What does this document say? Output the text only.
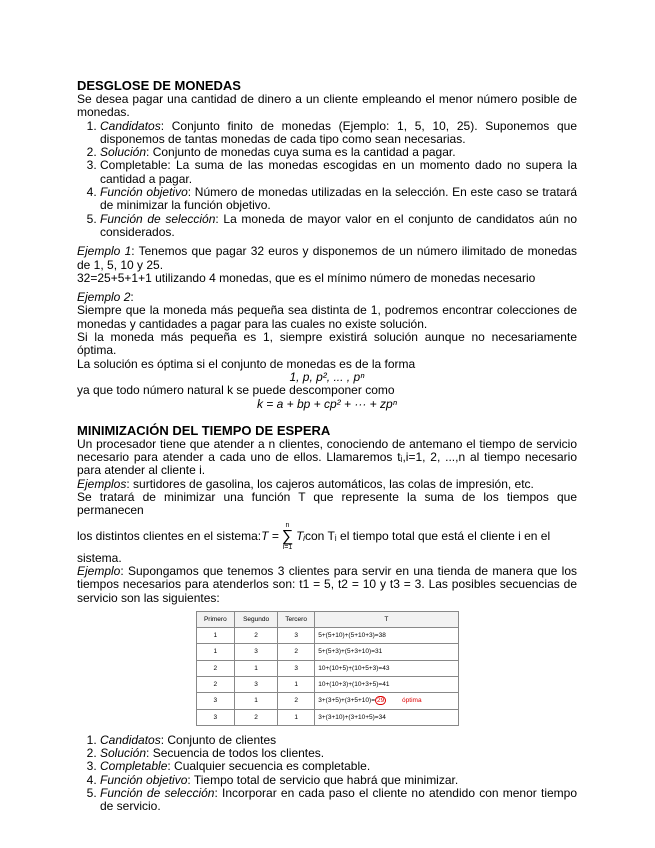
DESGLOSE DE MONEDAS

Se desea pagar una cantidad de dinero a un cliente empleando el menor número posible de monedas.

1. Candidatos: Conjunto finito de monedas (Ejemplo: 1, 5, 10, 25). Suponemos que disponemos de tantas monedas de cada tipo como sean necesarias.
2. Solución: Conjunto de monedas cuya suma es la cantidad a pagar.
3. Completable: La suma de las monedas escogidas en un momento dado no supera la cantidad a pagar.
4. Función objetivo: Número de monedas utilizadas en la selección. En este caso se tratará de minimizar la función objetivo.
5. Función de selección: La moneda de mayor valor en el conjunto de candidatos aún no considerados.

Ejemplo 1: Tenemos que pagar 32 euros y disponemos de un número ilimitado de monedas de 1, 5, 10 y 25.

32=25+5+1+1 utilizando 4 monedas, que es el mínimo número de monedas necesario

Ejemplo 2:

Siempre que la moneda más pequeña sea distinta de 1, podremos encontrar colecciones de monedas y cantidades a pagar para las cuales no existe solución.

Si la moneda más pequeña es 1, siempre existirá solución aunque no necesariamente óptima.

La solución es óptima si el conjunto de monedas es de la forma

1, p, p², ... , pⁿ

ya que todo número natural k se puede descomponer como

k = a + bp + cp² + ··· + zpⁿ

MINIMIZACIÓN DEL TIEMPO DE ESPERA

Un procesador tiene que atender a n clientes, conociendo de antemano el tiempo de servicio necesario para atender a cada uno de ellos. Llamaremos tᵢ,i=1, 2, ...,n al tiempo necesario para atender al cliente i.

Ejemplos: surtidores de gasolina, los cajeros automáticos, las colas de impresión, etc.

Se tratará de minimizar una función T que represente la suma de los tiempos que permanecen

los distintos clientes en el sistema: T =
n
∑
i=1
Tᵢ con Tᵢ el tiempo total que está el cliente i en el

sistema.

Ejemplo: Supongamos que tenemos 3 clientes para servir en una tienda de manera que los tiempos necesarios para atenderlos son: t1 = 5, t2 = 10 y t3 = 3. Las posibles secuencias de servicio son las siguientes:

Primero	Segundo	Tercero	T
1	2	3	5+(5+10)+(5+10+3)=38
1	3	2	5+(5+3)+(5+3+10)=31
2	1	3	10+(10+5)+(10+5+3)=43
2	3	1	10+(10+3)+(10+3+5)=41
3	1	2	3+(3+5)+(3+5+10)= 29 óptima
3	2	1	3+(3+10)+(3+10+5)=34
1. Candidatos: Conjunto de clientes
2. Solución: Secuencia de todos los clientes.
3. Completable: Cualquier secuencia es completable.
4. Función objetivo: Tiempo total de servicio que habrá que minimizar.
5. Función de selección: Incorporar en cada paso el cliente no atendido con menor tiempo de servicio.
